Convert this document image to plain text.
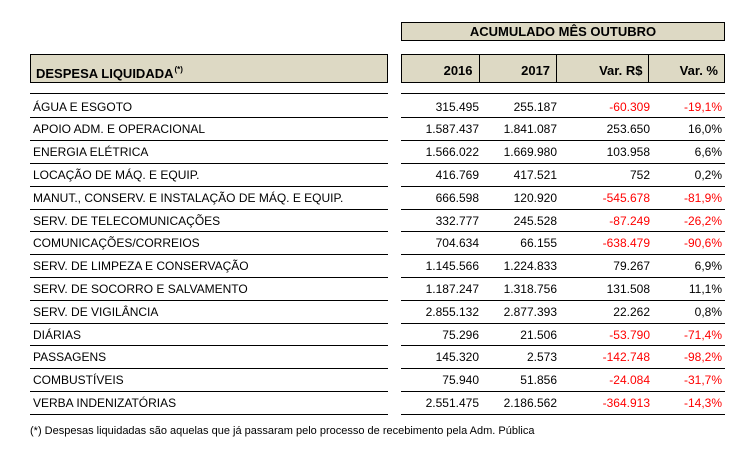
ACUMULADO MÊS OUTUBRO
DESPESA LIQUIDADA(*)	2016	2017	Var. R$	Var. %
ÁGUA E ESGOTO	315.495	255.187	-60.309	-19,1%
APOIO ADM. E OPERACIONAL	1.587.437	1.841.087	253.650	16,0%
ENERGIA ELÉTRICA	1.566.022	1.669.980	103.958	6,6%
LOCAÇÃO DE MÁQ. E EQUIP.	416.769	417.521	752	0,2%
MANUT., CONSERV. E INSTALAÇÃO DE MÁQ. E EQUIP.	666.598	120.920	-545.678	-81,9%
SERV. DE TELECOMUNICAÇÕES	332.777	245.528	-87.249	-26,2%
COMUNICAÇÕES/CORREIOS	704.634	66.155	-638.479	-90,6%
SERV. DE LIMPEZA E CONSERVAÇÃO	1.145.566	1.224.833	79.267	6,9%
SERV. DE SOCORRO E SALVAMENTO	1.187.247	1.318.756	131.508	11,1%
SERV. DE VIGILÂNCIA	2.855.132	2.877.393	22.262	0,8%
DIÁRIAS	75.296	21.506	-53.790	-71,4%
PASSAGENS	145.320	2.573	-142.748	-98,2%
COMBUSTÍVEIS	75.940	51.856	-24.084	-31,7%
VERBA INDENIZATÓRIAS	2.551.475	2.186.562	-364.913	-14,3%
(*) Despesas liquidadas são aquelas que já passaram pelo processo de recebimento pela Adm. Pública
